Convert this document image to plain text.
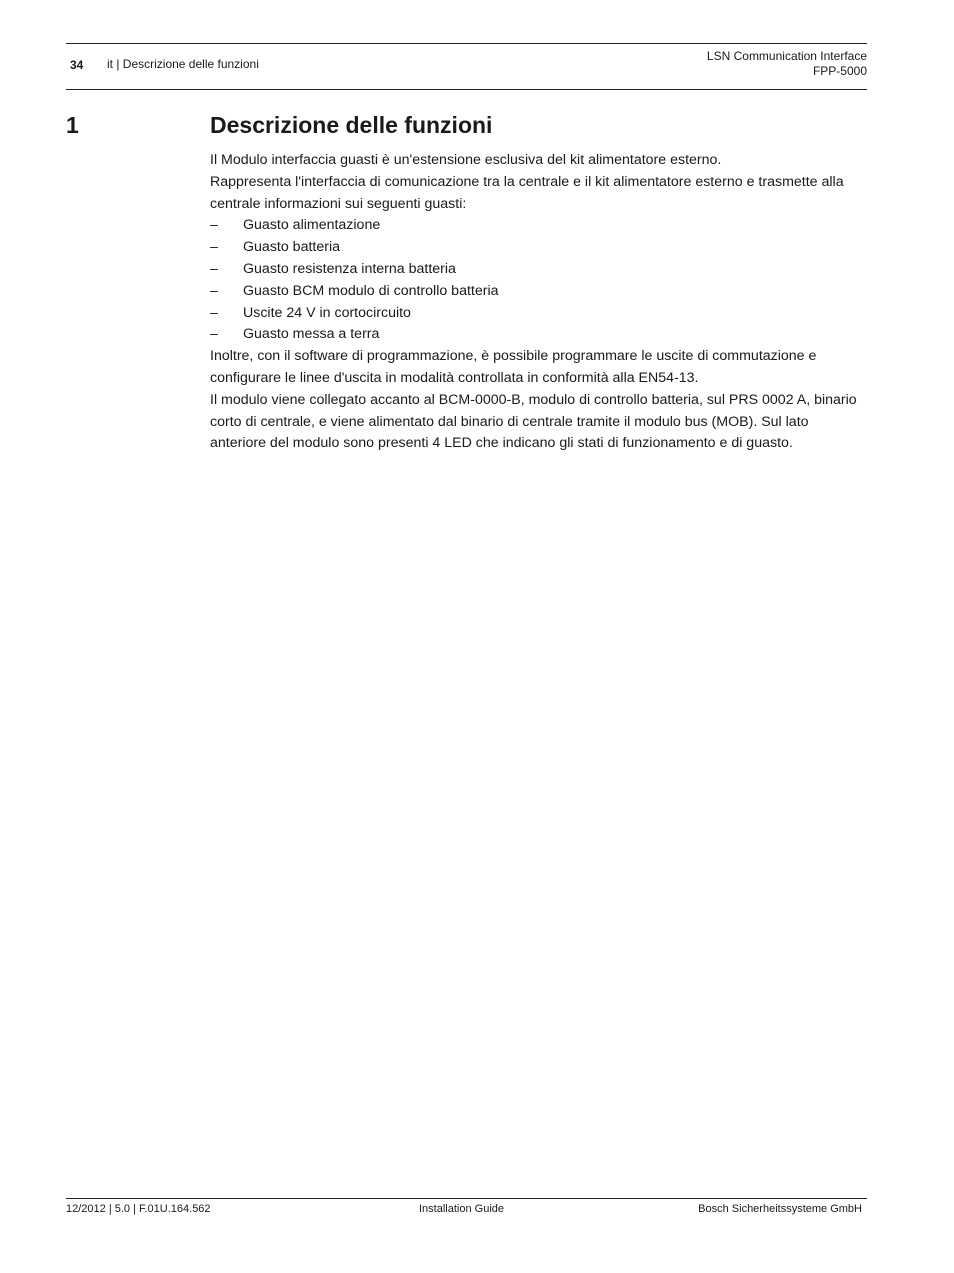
34 it | Descrizione delle funzioni
LSN Communication Interface
FPP-5000
1	Descrizione delle funzioni

Il Modulo interfaccia guasti è un'estensione esclusiva del kit alimentatore esterno.

Rappresenta l'interfaccia di comunicazione tra la centrale e il kit alimentatore esterno e trasmette alla centrale informazioni sui seguenti guasti:

– Guasto alimentazione
– Guasto batteria
– Guasto resistenza interna batteria
– Guasto BCM modulo di controllo batteria
– Uscite 24 V in cortocircuito
– Guasto messa a terra

Inoltre, con il software di programmazione, è possibile programmare le uscite di commutazione e configurare le linee d'uscita in modalità controllata in conformità alla EN54-13.

Il modulo viene collegato accanto al BCM-0000-B, modulo di controllo batteria, sul PRS 0002 A, binario corto di centrale, e viene alimentato dal binario di centrale tramite il modulo bus (MOB). Sul lato anteriore del modulo sono presenti 4 LED che indicano gli stati di funzionamento e di guasto.

12/2012 | 5.0 | F.01U.164.562	Installation Guide	Bosch Sicherheitssysteme GmbH
